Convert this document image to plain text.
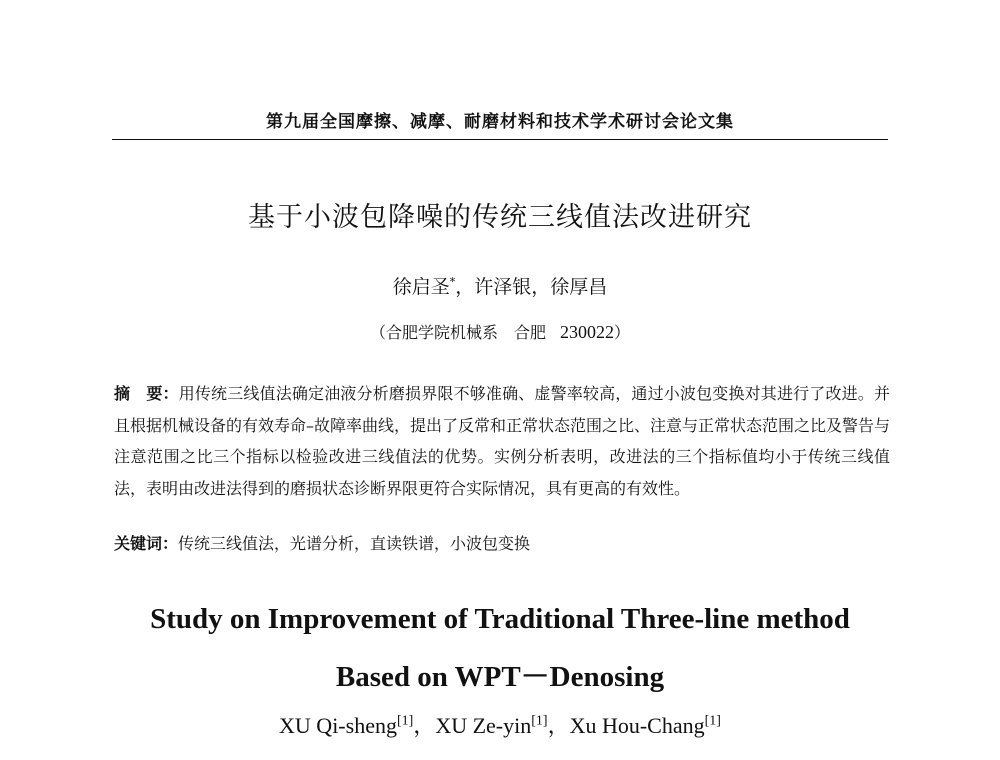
第九届全国摩擦、减摩、耐磨材料和技术学术研讨会论文集
基于小波包降噪的传统三线值法改进研究
徐启圣*，许泽银，徐厚昌
（合肥学院机械系　合肥 230022）
摘　要：用传统三线值法确定油液分析磨损界限不够准确、虚警率较高，通过小波包变换对其进行了改进。并且根据机械设备的有效寿命–故障率曲线，提出了反常和正常状态范围之比、注意与正常状态范围之比及警告与注意范围之比三个指标以检验改进三线值法的优势。实例分析表明，改进法的三个指标值均小于传统三线值法，表明由改进法得到的磨损状态诊断界限更符合实际情况，具有更高的有效性。
关键词：传统三线值法，光谱分析，直读铁谱，小波包变换
Study on Improvement of Traditional Three-line method
Based on WPT－Denosing
XU Qi-sheng[1]，XU Ze-yin[1]，Xu Hou-Chang[1]
